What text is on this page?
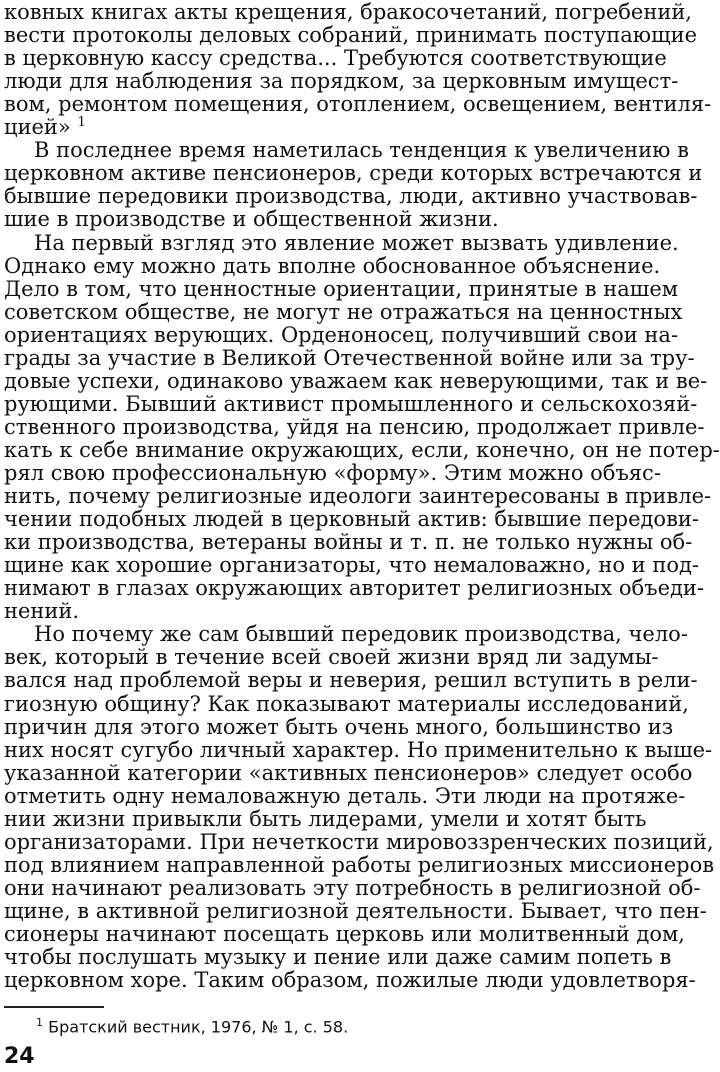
ковных книгах акты крещения, бракосочетаний, погребений,
вести протоколы деловых собраний, принимать поступающие
в церковную кассу средства... Требуются соответствующие
люди для наблюдения за порядком, за церковным имущест-
вом, ремонтом помещения, отоплением, освещением, вентиля-
цией» $^1$
В последнее время наметилась тенденция к увеличению в
церковном активе пенсионеров, среди которых встречаются и
бывшие передовики производства, люди, активно участвовав-
шие в производстве и общественной жизни.
На первый взгляд это явление может вызвать удивление.
Однако ему можно дать вполне обоснованное объяснение.
Дело в том, что ценностные ориентации, принятые в нашем
советском обществе, не могут не отражаться на ценностных
ориентациях верующих. Орденоносец, получивший свои на-
грады за участие в Великой Отечественной войне или за тру-
довые успехи, одинаково уважаем как неверующими, так и ве-
рующими. Бывший активист промышленного и сельскохозяй-
ственного производства, уйдя на пенсию, продолжает привле-
кать к себе внимание окружающих, если, конечно, он не потер-
рял свою профессиональную «форму». Этим можно объяс-
нить, почему религиозные идеологи заинтересованы в привле-
чении подобных людей в церковный актив: бывшие передови-
ки производства, ветераны войны и т. п. не только нужны об-
щине как хорошие организаторы, что немаловажно, но и под-
нимают в глазах окружающих авторитет религиозных объеди-
нений.
Но почему же сам бывший передовик производства, чело-
век, который в течение всей своей жизни вряд ли задумы-
вался над проблемой веры и неверия, решил вступить в рели-
гиозную общину? Как показывают материалы исследований,
причин для этого может быть очень много, большинство из
них носят сугубо личный характер. Но применительно к выше-
указанной категории «активных пенсионеров» следует особо
отметить одну немаловажную деталь. Эти люди на протяже-
нии жизни привыкли быть лидерами, умели и хотят быть
организаторами. При нечеткости мировоззренческих позиций,
под влиянием направленной работы религиозных миссионеров
они начинают реализовать эту потребность в религиозной об-
щине, в активной религиозной деятельности. Бывает, что пен-
сионеры начинают посещать церковь или молитвенный дом,
чтобы послушать музыку и пение или даже самим попеть в
церковном хоре. Таким образом, пожилые люди удовлетворя-
$^1$ Братский вестник, 1976, № 1, с. 58.
24
